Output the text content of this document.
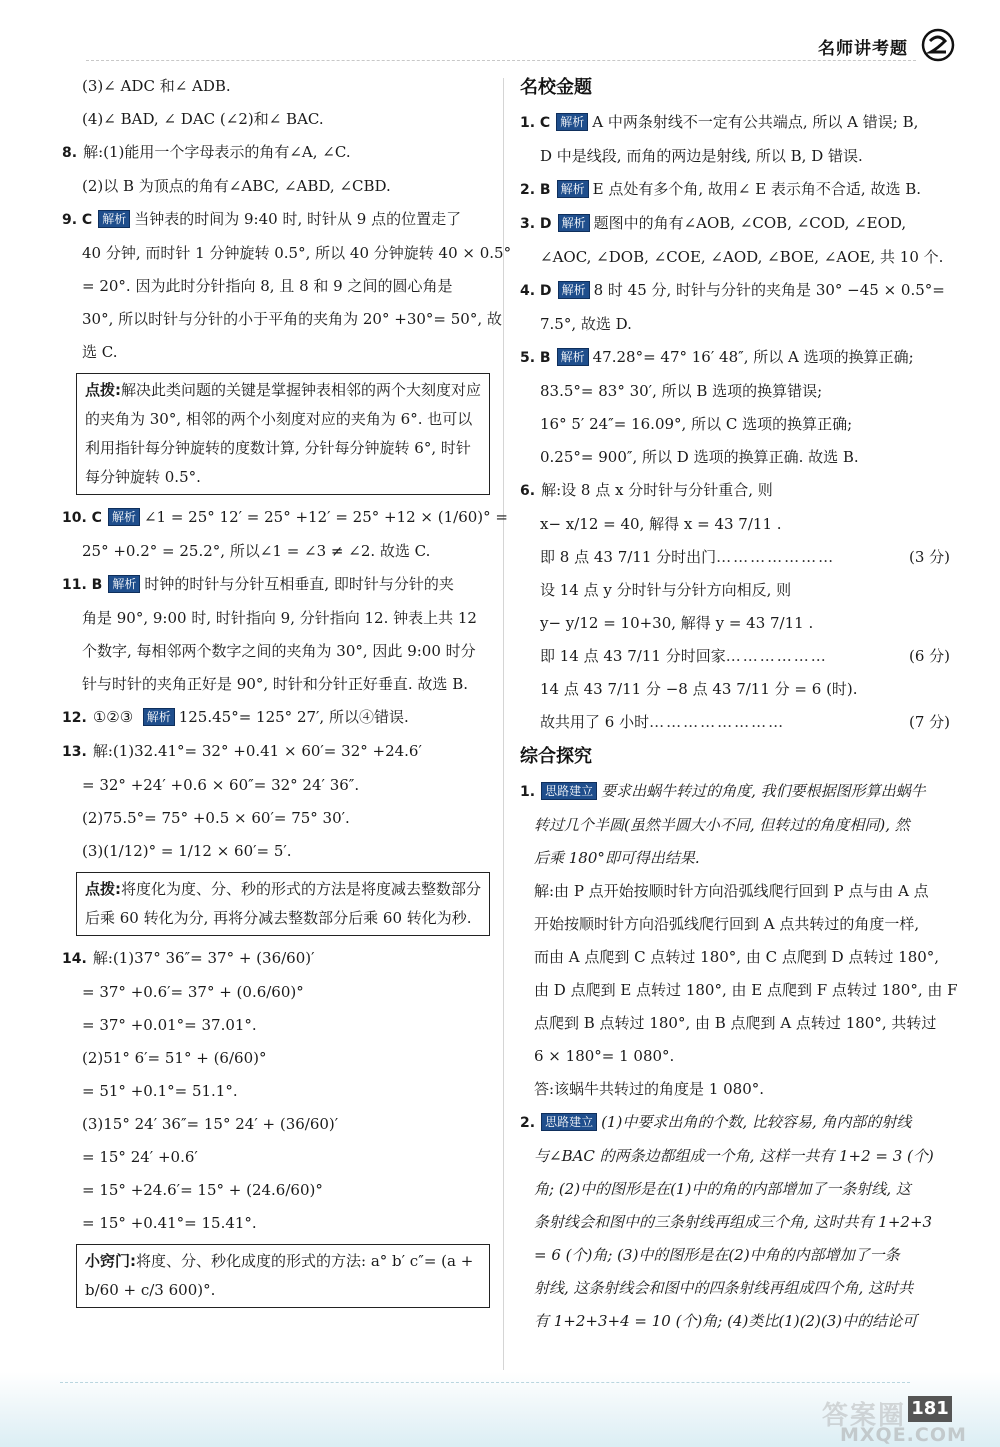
名师讲考题
(3)∠ ADC 和∠ ADB.
(4)∠ BAD, ∠ DAC (∠2)和∠ BAC.
8. 解:(1)能用一个字母表示的角有∠A, ∠C.
(2)以 B 为顶点的角有∠ABC, ∠ABD, ∠CBD.
9. C 解析 当钟表的时间为 9:40 时, 时针从 9 点的位置走了
40 分钟, 而时针 1 分钟旋转 0.5°, 所以 40 分钟旋转 40 × 0.5°
= 20°. 因为此时分针指向 8, 且 8 和 9 之间的圆心角是
30°, 所以时针与分针的小于平角的夹角为 20° +30°= 50°, 故
选 C.
点拨:解决此类问题的关键是掌握钟表相邻的两个大刻度对应的夹角为 30°, 相邻的两个小刻度对应的夹角为 6°. 也可以利用指针每分钟旋转的度数计算, 分针每分钟旋转 6°, 时针每分钟旋转 0.5°.
10. C 解析 ∠1 = 25° 12′ = 25° +12′ = 25° +12 × (1/60)° =
25° +0.2° = 25.2°, 所以∠1 = ∠3 ≠ ∠2. 故选 C.
11. B 解析 时钟的时针与分针互相垂直, 即时针与分针的夹
角是 90°, 9:00 时, 时针指向 9, 分针指向 12. 钟表上共 12
个数字, 每相邻两个数字之间的夹角为 30°, 因此 9:00 时分
针与时针的夹角正好是 90°, 时针和分针正好垂直. 故选 B.
12. ①②③ 解析 125.45°= 125° 27′, 所以④错误.
13. 解:(1)32.41°= 32° +0.41 × 60′= 32° +24.6′
= 32° +24′ +0.6 × 60″= 32° 24′ 36″.
(2)75.5°= 75° +0.5 × 60′= 75° 30′.
(3)(1/12)° = 1/12 × 60′= 5′.
点拨:将度化为度、分、秒的形式的方法是将度减去整数部分后乘 60 转化为分, 再将分减去整数部分后乘 60 转化为秒.
14. 解:(1)37° 36″= 37° + (36/60)′
= 37° +0.6′= 37° + (0.6/60)°
= 37° +0.01°= 37.01°.
(2)51° 6′= 51° + (6/60)°
= 51° +0.1°= 51.1°.
(3)15° 24′ 36″= 15° 24′ + (36/60)′
= 15° 24′ +0.6′
= 15° +24.6′= 15° + (24.6/60)°
= 15° +0.41°= 15.41°.
小窍门:将度、分、秒化成度的形式的方法: a° b′ c″= (a + b/60 + c/3 600)°.
名校金题
1. C 解析 A 中两条射线不一定有公共端点, 所以 A 错误; B,
D 中是线段, 而角的两边是射线, 所以 B, D 错误.
2. B 解析 E 点处有多个角, 故用∠ E 表示角不合适, 故选 B.
3. D 解析 题图中的角有∠AOB, ∠COB, ∠COD, ∠EOD,
∠AOC, ∠DOB, ∠COE, ∠AOD, ∠BOE, ∠AOE, 共 10 个.
4. D 解析 8 时 45 分, 时针与分针的夹角是 30° −45 × 0.5°=
7.5°, 故选 D.
5. B 解析 47.28°= 47° 16′ 48″, 所以 A 选项的换算正确;
83.5°= 83° 30′, 所以 B 选项的换算错误;
16° 5′ 24″= 16.09°, 所以 C 选项的换算正确;
0.25°= 900″, 所以 D 选项的换算正确. 故选 B.
6. 解:设 8 点 x 分时针与分针重合, 则
x− x/12 = 40, 解得 x = 43 7/11 .
即 8 点 43 7/11 分时出门…………………	(3 分)
设 14 点 y 分时针与分针方向相反, 则
y− y/12 = 10+30, 解得 y = 43 7/11 .
即 14 点 43 7/11 分时回家………………	(6 分)
14 点 43 7/11 分 −8 点 43 7/11 分 = 6 (时).
故共用了 6 小时……………………	(7 分)
综合探究
1. 思路建立 要求出蜗牛转过的角度, 我们要根据图形算出蜗牛
转过几个半圆(虽然半圆大小不同, 但转过的角度相同), 然
后乘 180°即可得出结果.
解:由 P 点开始按顺时针方向沿弧线爬行回到 P 点与由 A 点
开始按顺时针方向沿弧线爬行回到 A 点共转过的角度一样,
而由 A 点爬到 C 点转过 180°, 由 C 点爬到 D 点转过 180°,
由 D 点爬到 E 点转过 180°, 由 E 点爬到 F 点转过 180°, 由 F
点爬到 B 点转过 180°, 由 B 点爬到 A 点转过 180°, 共转过
6 × 180°= 1 080°.
答:该蜗牛共转过的角度是 1 080°.
2. 思路建立 (1)中要求出角的个数, 比较容易, 角内部的射线
与∠BAC 的两条边都组成一个角, 这样一共有 1+2 = 3 (个)
角; (2)中的图形是在(1)中的角的内部增加了一条射线, 这
条射线会和图中的三条射线再组成三个角, 这时共有 1+2+3
= 6 (个)角; (3)中的图形是在(2)中角的内部增加了一条
射线, 这条射线会和图中的四条射线再组成四个角, 这时共
有 1+2+3+4 = 10 (个)角; (4)类比(1)(2)(3)中的结论可
答案圈
MXQE.COM
181
